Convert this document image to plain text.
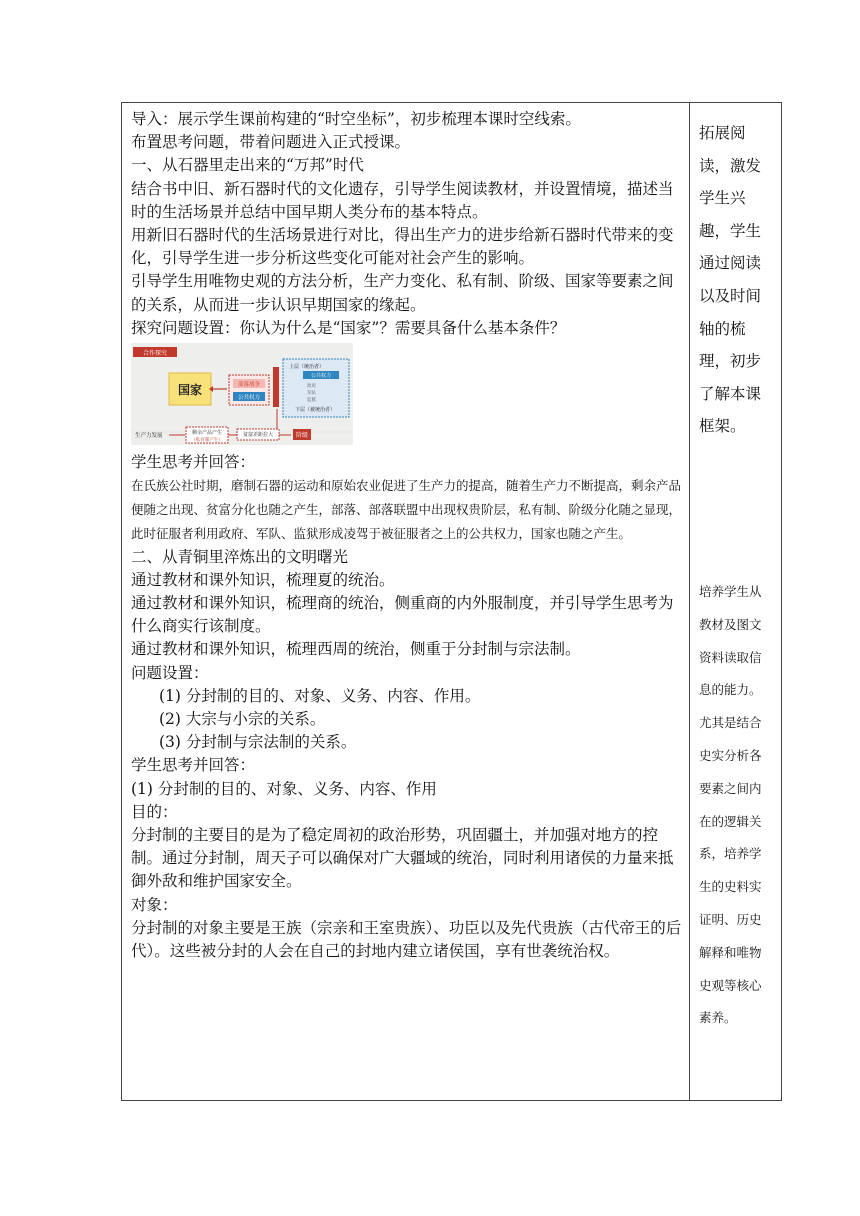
导入：展示学生课前构建的“时空坐标”，初步梳理本课时空线索。

布置思考问题，带着问题进入正式授课。

一、从石器里走出来的“万邦”时代

结合书中旧、新石器时代的文化遗存，引导学生阅读教材，并设置情境，描述当时的生活场景并总结中国早期人类分布的基本特点。

用新旧石器时代的生活场景进行对比，得出生产力的进步给新石器时代带来的变化，引导学生进一步分析这些变化可能对社会产生的影响。

引导学生用唯物史观的方法分析，生产力变化、私有制、阶级、国家等要素之间的关系，从而进一步认识早期国家的缘起。

探究问题设置：你认为什么是“国家”？需要具备什么基本条件？

合作探究
国家	部落战争
公共权力
上层（统治者）
公共权力
政府
军队
监狱
下层（被统治者）
生产力发展	剩余产品产生
（私有制产生）
贫富差距拉大	阶级

学生思考并回答：

在氏族公社时期，磨制石器的运动和原始农业促进了生产力的提高，随着生产力不断提高，剩余产品便随之出现、贫富分化也随之产生，部落、部落联盟中出现权贵阶层，私有制、阶级分化随之显现，此时征服者利用政府、军队、监狱形成凌驾于被征服者之上的公共权力，国家也随之产生。

二、从青铜里淬炼出的文明曙光

通过教材和课外知识，梳理夏的统治。

通过教材和课外知识，梳理商的统治，侧重商的内外服制度，并引导学生思考为什么商实行该制度。

通过教材和课外知识，梳理西周的统治，侧重于分封制与宗法制。

问题设置：

(1) 分封制的目的、对象、义务、内容、作用。

(2) 大宗与小宗的关系。

(3) 分封制与宗法制的关系。

学生思考并回答：

(1) 分封制的目的、对象、义务、内容、作用

目的：

分封制的主要目的是为了稳定周初的政治形势，巩固疆土，并加强对地方的控制。通过分封制，周天子可以确保对广大疆域的统治，同时利用诸侯的力量来抵御外敌和维护国家安全。

对象：

分封制的对象主要是王族（宗亲和王室贵族）、功臣以及先代贵族（古代帝王的后代）。这些被分封的人会在自己的封地内建立诸侯国，享有世袭统治权。

拓展阅

读，激发

学生兴

趣，学生

通过阅读

以及时间

轴的梳

理，初步

了解本课

框架。

培养学生从

教材及图文

资料读取信

息的能力。

尤其是结合

史实分析各

要素之间内

在的逻辑关

系，培养学

生的史料实

证明、历史

解释和唯物

史观等核心

素养。
